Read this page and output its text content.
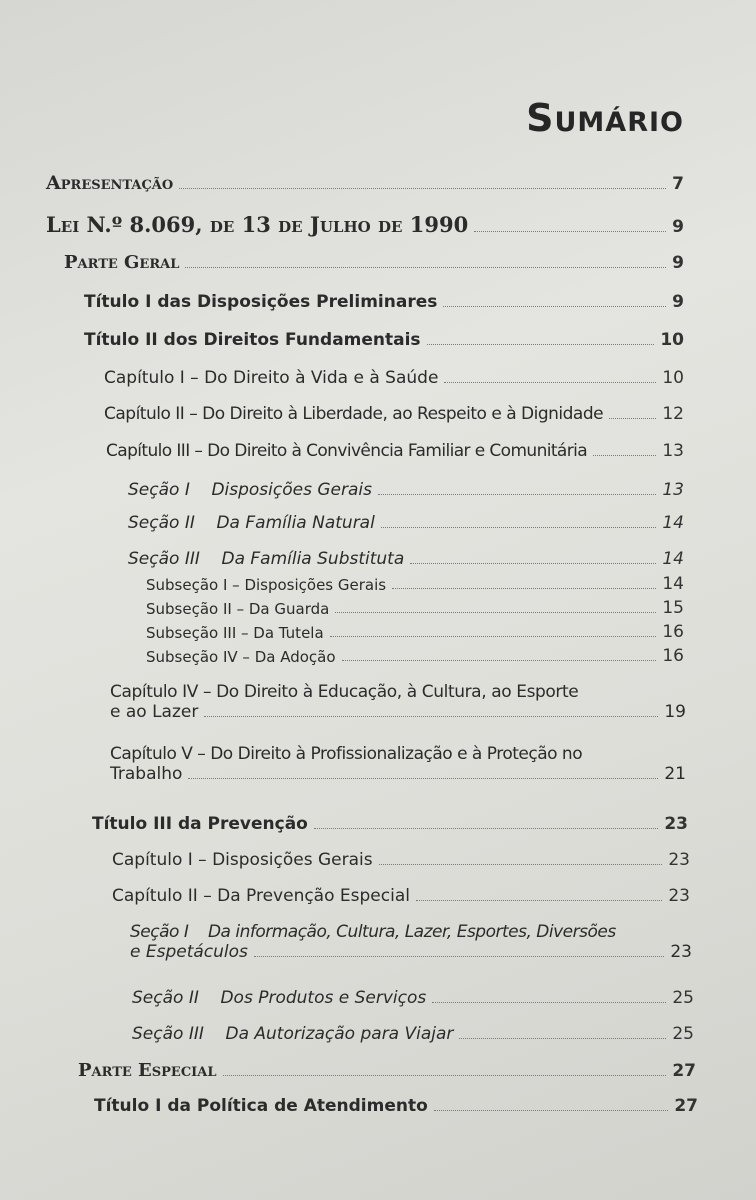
Sumário
Apresentação	7
Lei N.º 8.069, de 13 de Julho de 1990	9
Parte Geral	9
Título I das Disposições Preliminares	9
Título II dos Direitos Fundamentais	10
Capítulo I – Do Direito à Vida e à Saúde	10
Capítulo II – Do Direito à Liberdade, ao Respeito e à Dignidade	12
Capítulo III – Do Direito à Convivência Familiar e Comunitária	13
Seção I    Disposições Gerais	13
Seção II    Da Família Natural	14
Seção III    Da Família Substituta	14
Subseção I – Disposições Gerais	14
Subseção II – Da Guarda	15
Subseção III – Da Tutela	16
Subseção IV – Da Adoção	16
Capítulo IV – Do Direito à Educação, à Cultura, ao Esporte
e ao Lazer	19
Capítulo V – Do Direito à Profissionalização e à Proteção no
Trabalho	21
Título III da Prevenção	23
Capítulo I – Disposições Gerais	23
Capítulo II – Da Prevenção Especial	23
Seção I    Da informação, Cultura, Lazer, Esportes, Diversões
e Espetáculos	23
Seção II    Dos Produtos e Serviços	25
Seção III    Da Autorização para Viajar	25
Parte Especial	27
Título I da Política de Atendimento	27
